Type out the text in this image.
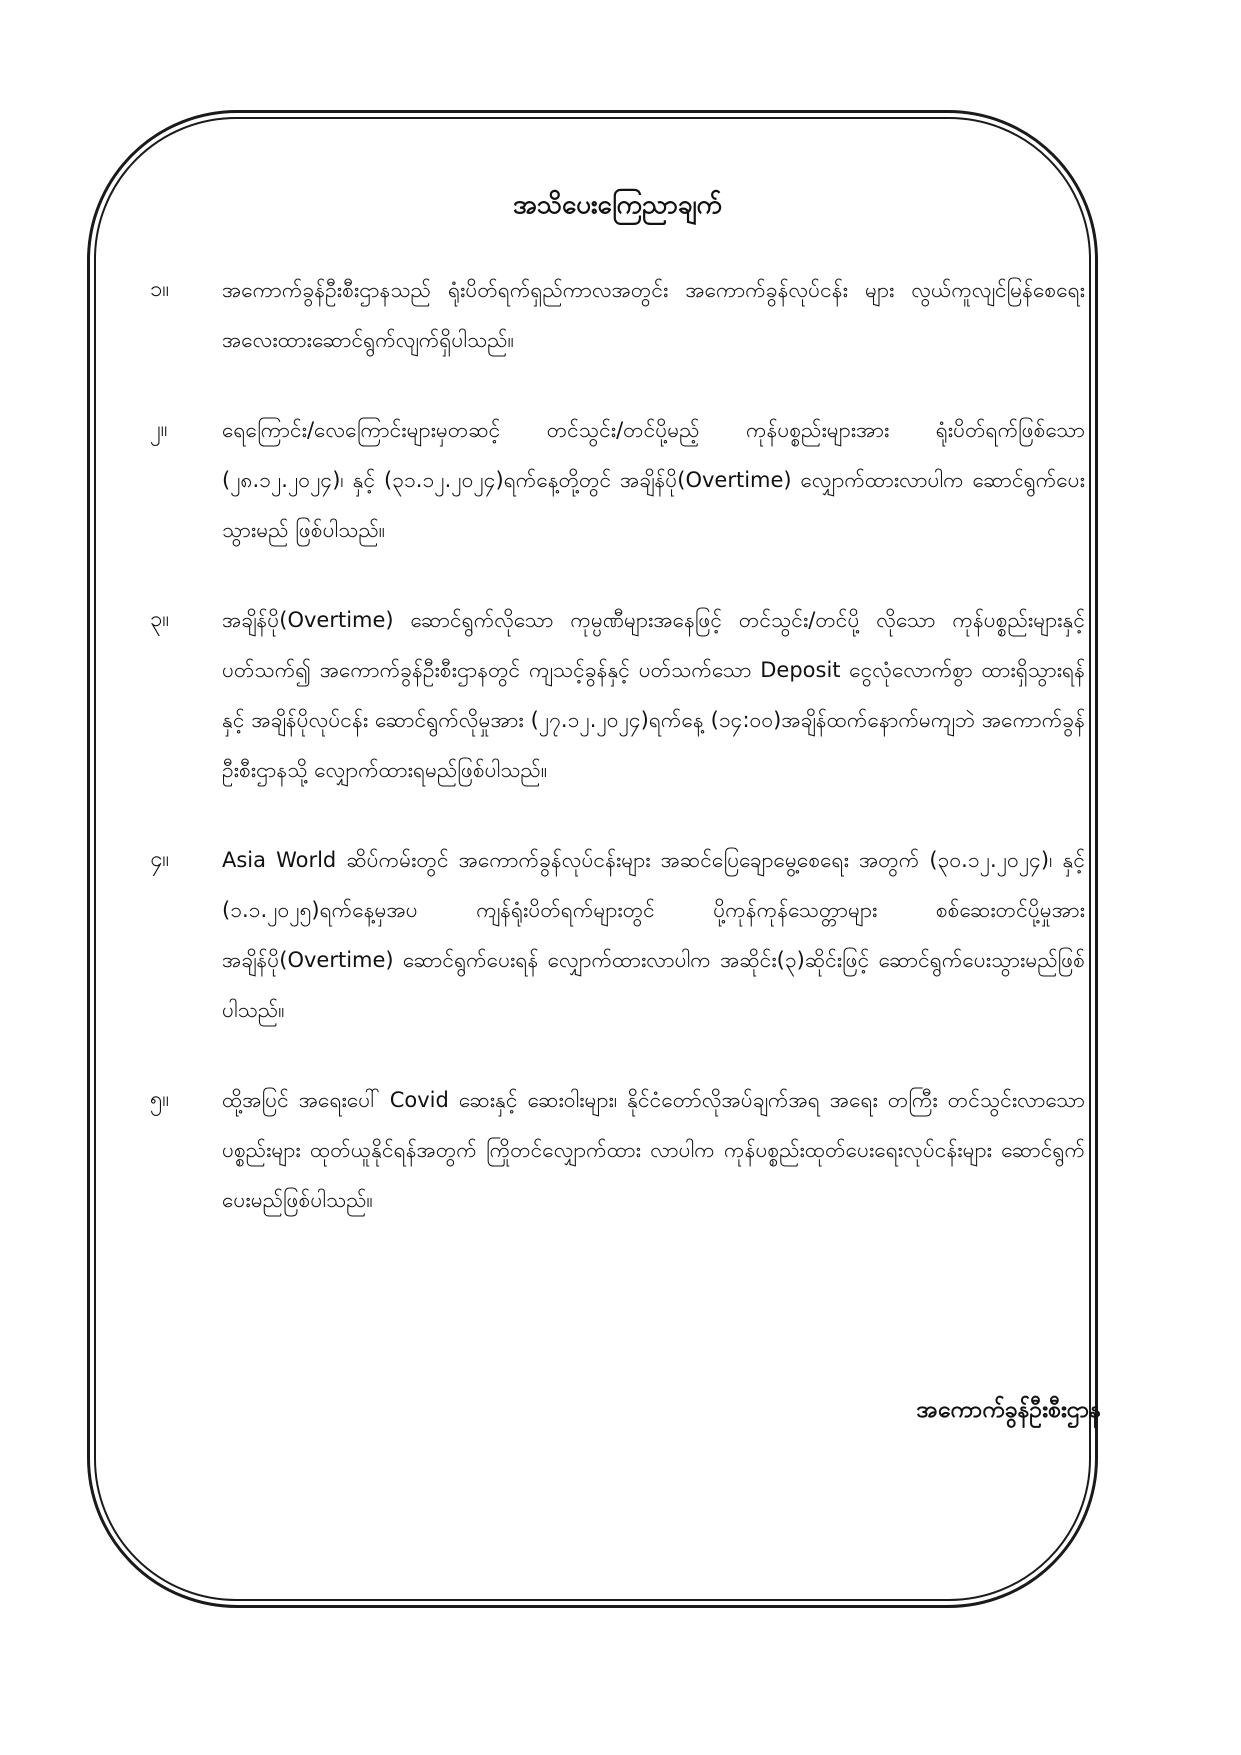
အသိပေးကြေညာချက်
၁။	အကောက်ခွန်ဦးစီးဌာနသည် ရုံးပိတ်ရက်ရှည်ကာလအတွင်း အကောက်ခွန်လုပ်ငန်း များ လွယ်ကူလျင်မြန်စေရေး အလေးထားဆောင်ရွက်လျက်ရှိပါသည်။
၂။	ရေကြောင်း/လေကြောင်းများမှတဆင့် တင်သွင်း/တင်ပို့မည့် ကုန်ပစ္စည်းများအား ရုံးပိတ်ရက်ဖြစ်သော (၂၈.၁၂.၂၀၂၄)၊ နှင့် (၃၁.၁၂.၂၀၂၄)ရက်နေ့တို့တွင် အချိန်ပို(Overtime) လျှောက်ထားလာပါက ဆောင်ရွက်ပေးသွားမည် ဖြစ်ပါသည်။
၃။	အချိန်ပို(Overtime) ဆောင်ရွက်လိုသော ကုမ္ပဏီများအနေဖြင့် တင်သွင်း/တင်ပို့ လိုသော ကုန်ပစ္စည်းများနှင့်ပတ်သက်၍ အကောက်ခွန်ဦးစီးဌာနတွင် ကျသင့်ခွန်နှင့် ပတ်သက်သော Deposit ငွေလုံလောက်စွာ ထားရှိသွားရန်နှင့် အချိန်ပိုလုပ်ငန်း ဆောင်ရွက်လိုမှုအား (၂၇.၁၂.၂၀၂၄)ရက်နေ့ (၁၄:၀၀)အချိန်ထက်နောက်မကျဘဲ အကောက်ခွန်ဦးစီးဌာနသို့ လျှောက်ထားရမည်ဖြစ်ပါသည်။
၄။	Asia World ဆိပ်ကမ်းတွင် အကောက်ခွန်လုပ်ငန်းများ အဆင်ပြေချောမွေ့စေရေး အတွက် (၃၀.၁၂.၂၀၂၄)၊ နှင့် (၁.၁.၂၀၂၅)ရက်နေ့မှအပ ကျန်ရုံးပိတ်ရက်များတွင် ပို့ကုန်ကုန်သေတ္တာများ စစ်ဆေးတင်ပို့မှုအား အချိန်ပို(Overtime) ဆောင်ရွက်ပေးရန် လျှောက်ထားလာပါက အဆိုင်း(၃)ဆိုင်းဖြင့် ဆောင်ရွက်ပေးသွားမည်ဖြစ်ပါသည်။
၅။	ထို့အပြင် အရေးပေါ် Covid ဆေးနှင့် ဆေးဝါးများ၊ နိုင်ငံတော်လိုအပ်ချက်အရ အရေး တကြီး တင်သွင်းလာသောပစ္စည်းများ ထုတ်ယူနိုင်ရန်အတွက် ကြိုတင်လျှောက်ထား လာပါက ကုန်ပစ္စည်းထုတ်ပေးရေးလုပ်ငန်းများ ဆောင်ရွက်ပေးမည်ဖြစ်ပါသည်။
အကောက်ခွန်ဦးစီးဌာန
